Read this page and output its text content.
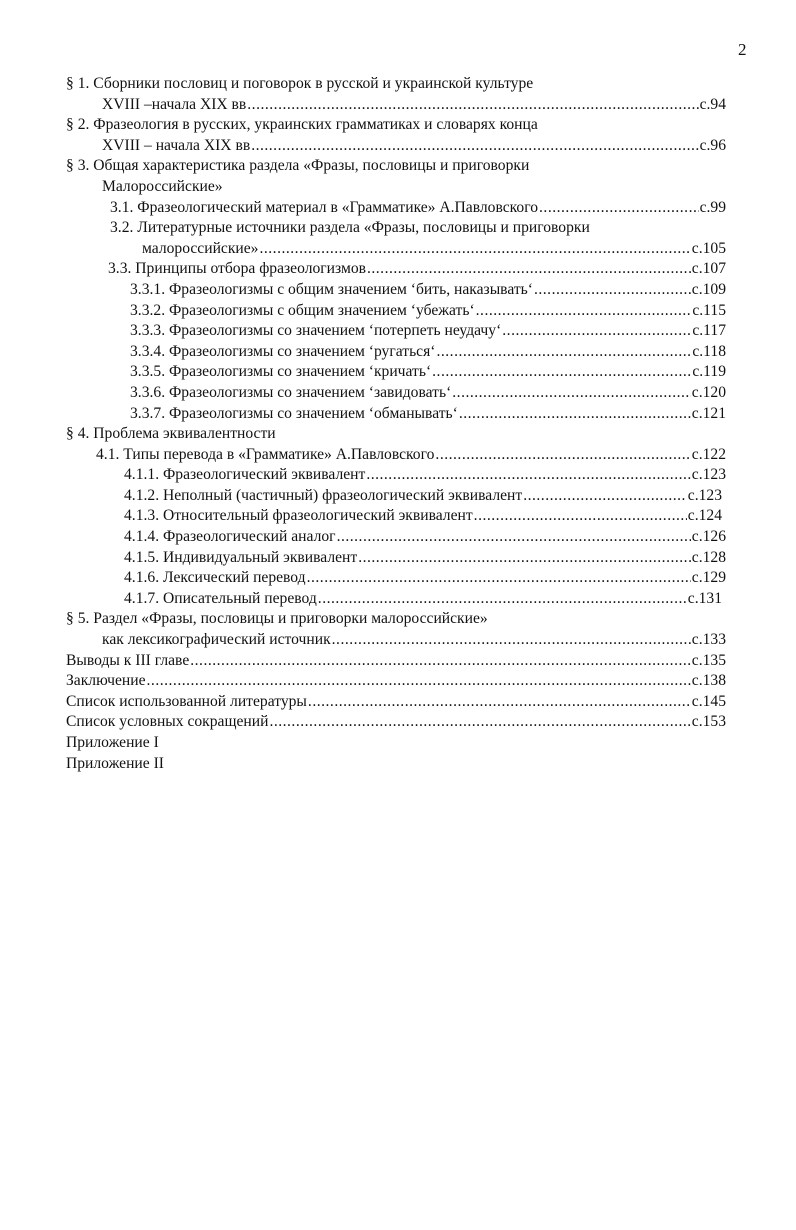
2
§ 1. Сборники пословиц и поговорок в русской и украинской культуре
XVIII –начала XIX вв .....	с.94
§ 2. Фразеология в русских, украинских грамматиках и словарях конца
XVIII – начала XIX вв .....	с.96
§ 3. Общая характеристика раздела «Фразы, пословицы и приговорки
Малороссийские»
3.1. Фразеологический материал в «Грамматике» А.Павловского .....	с.99
3.2. Литературные источники раздела «Фразы, пословицы и приговорки
малороссийские» .....	с.105
3.3. Принципы отбора фразеологизмов .....	с.107
3.3.1. Фразеологизмы с общим значением ‘бить, наказывать‘ .....	с.109
3.3.2. Фразеологизмы с общим значением ‘убежать‘ .....	с.115
3.3.3. Фразеологизмы со значением ‘потерпеть неудачу‘ .....	с.117
3.3.4. Фразеологизмы со значением ‘ругаться‘ .....	с.118
3.3.5. Фразеологизмы со значением ‘кричать‘ .....	с.119
3.3.6. Фразеологизмы со значением ‘завидовать‘ .....	с.120
3.3.7. Фразеологизмы со значением ‘обманывать‘ .....	с.121
§ 4. Проблема эквивалентности
4.1. Типы перевода в «Грамматике» А.Павловского .....	с.122
4.1.1. Фразеологический эквивалент .....	с.123
4.1.2. Неполный (частичный) фразеологический эквивалент .....	с.123
4.1.3. Относительный фразеологический эквивалент .....	с.124
4.1.4. Фразеологический аналог .....	с.126
4.1.5. Индивидуальный эквивалент .....	с.128
4.1.6. Лексический перевод .....	с.129
4.1.7. Описательный перевод .....	с.131
§ 5. Раздел «Фразы, пословицы и приговорки малороссийские»
как лексикографический источник .....	с.133
Выводы к III главе .....	с.135
Заключение .....	с.138
Список использованной литературы .....	с.145
Список условных сокращений .....	с.153
Приложение I
Приложение II
